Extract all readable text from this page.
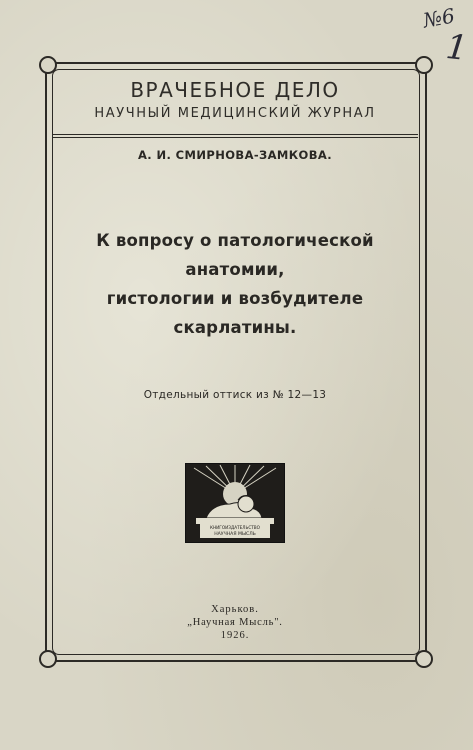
№6
1
ВРАЧЕБНОЕ ДЕЛО
НАУЧНЫЙ МЕДИЦИНСКИЙ ЖУРНАЛ
А. И. СМИРНОВА-ЗАМКОВА.
К вопросу о патологической анатомии,
гистологии и возбудителе скарлатины.
Отдельный оттиск из № 12—13
КНИГОИЗДАТЕЛЬСТВО
НАУЧНАЯ МЫСЛЬ
Харьков.
„Научная Мысль".
1926.
